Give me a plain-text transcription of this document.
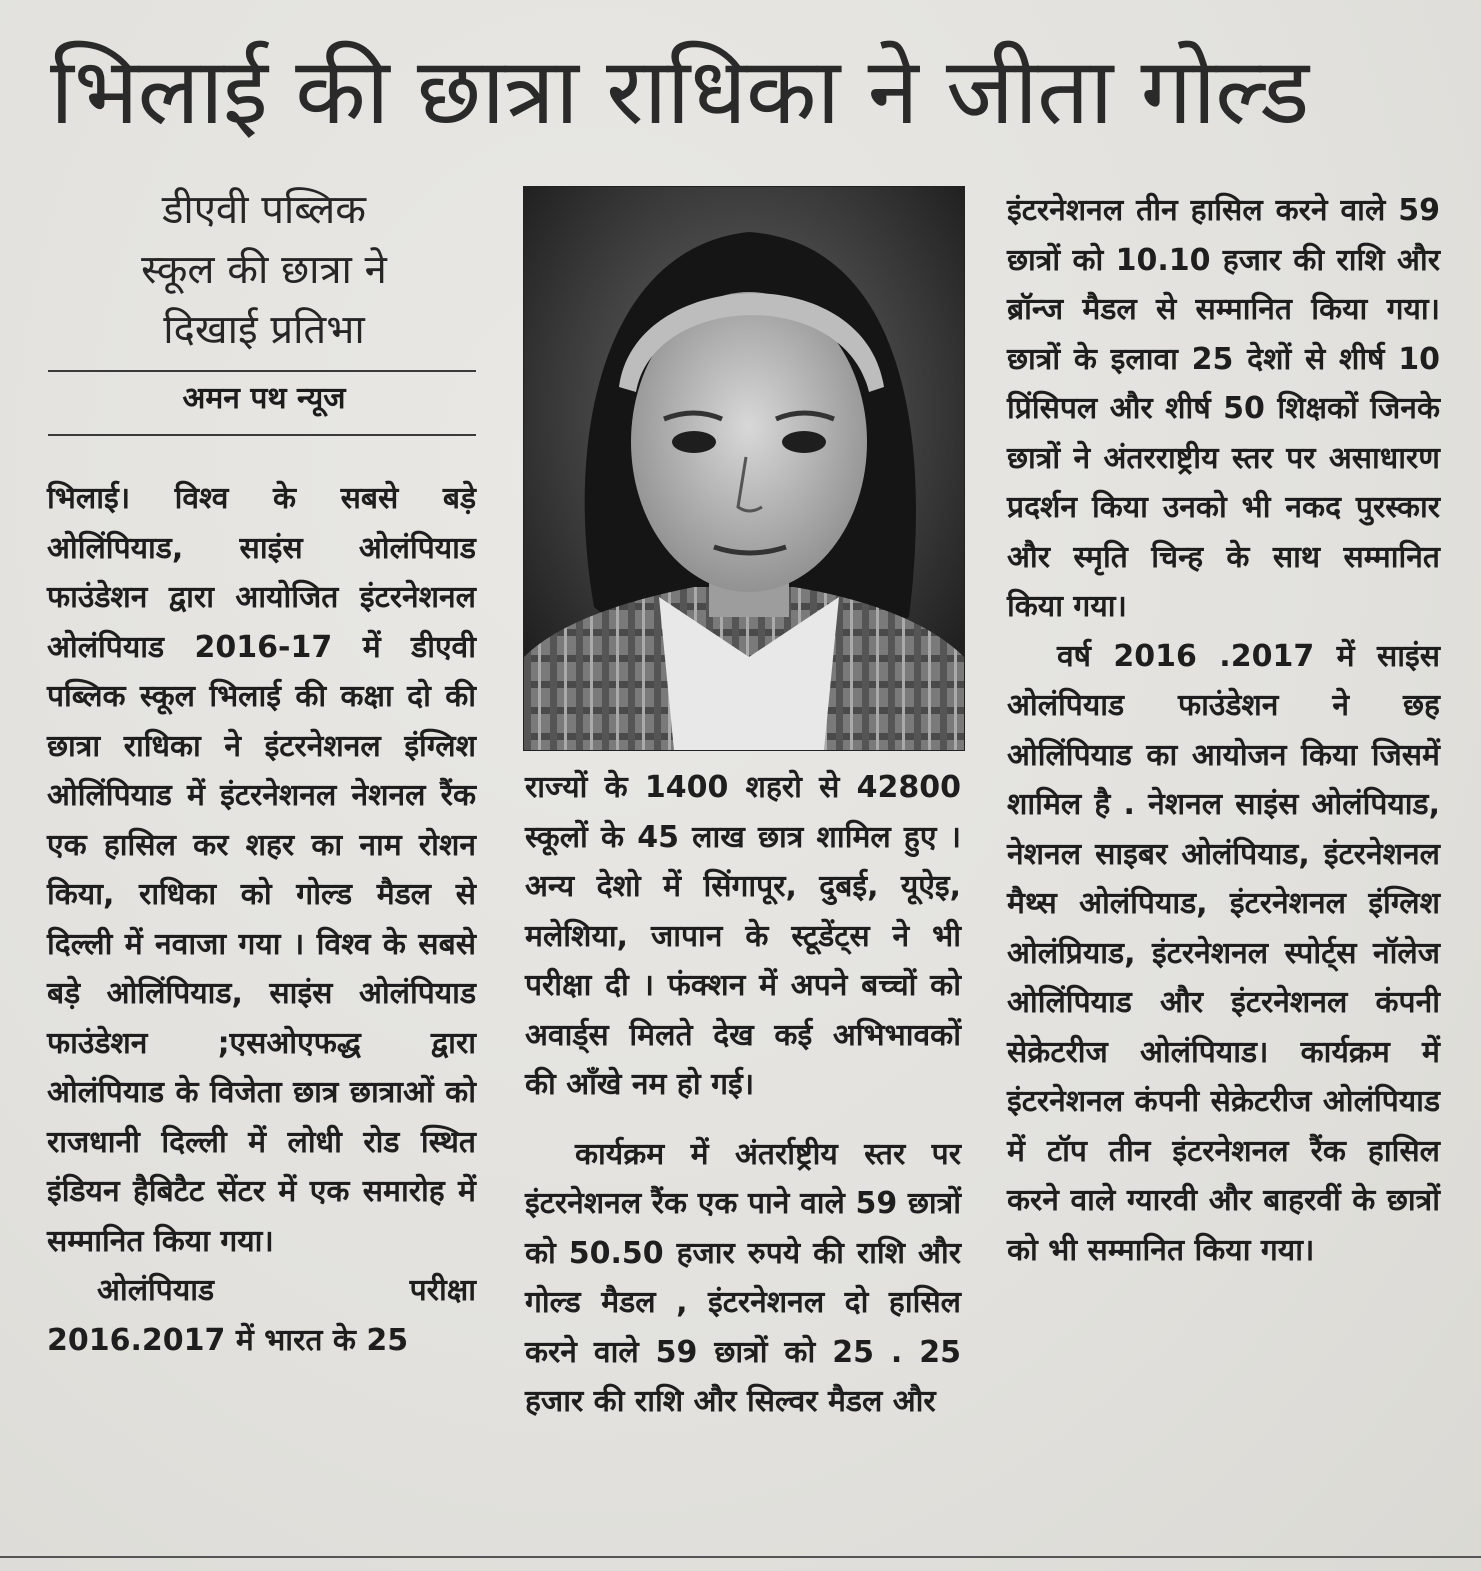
भिलाई की छात्रा राधिका ने जीता गोल्ड
डीएवी पब्लिक
स्कूल की छात्रा ने
दिखाई प्रतिभा
अमन पथ न्यूज

भिलाई। विश्व के सबसे बड़े ओलिंपियाड, साइंस ओलंपियाड फाउंडेशन द्वारा आयोजित इंटरनेशनल ओलंपियाड 2016-17 में डीएवी पब्लिक स्कूल भिलाई की कक्षा दो की छात्रा राधिका ने इंटरनेशनल इंग्लिश ओलिंपियाड में इंटरनेशनल नेशनल रैंक एक हासिल कर शहर का नाम रोशन किया, राधिका को गोल्ड मैडल से दिल्ली में नवाजा गया । विश्व के सबसे बड़े ओलिंपियाड, साइंस ओलंपियाड फाउंडेशन ;एसओएफद्ध द्वारा ओलंपियाड के विजेता छात्र छात्राओं को राजधानी दिल्ली में लोधी रोड स्थित इंडियन हैबिटैट सेंटर में एक समारोह में सम्मानित किया गया।

ओलंपियाड परीक्षा 2016.2017 में भारत के 25

राज्यों के 1400 शहरो से 42800 स्कूलों के 45 लाख छात्र शामिल हुए । अन्य देशो में सिंगापूर, दुबई, यूऐइ, मलेशिया, जापान के स्टूडेंट्स ने भी परीक्षा दी । फंक्शन में अपने बच्चों को अवार्ड्स मिलते देख कई अभिभावकों की आँखे नम हो गई।

कार्यक्रम में अंतर्राष्ट्रीय स्तर पर इंटरनेशनल रैंक एक पाने वाले 59 छात्रों को 50.50 हजार रुपये की राशि और गोल्ड मैडल , इंटरनेशनल दो हासिल करने वाले 59 छात्रों को 25 . 25 हजार की राशि और सिल्वर मैडल और

इंटरनेशनल तीन हासिल करने वाले 59 छात्रों को 10.10 हजार की राशि और ब्रॉन्ज मैडल से सम्मानित किया गया। छात्रों के इलावा 25 देशों से शीर्ष 10 प्रिंसिपल और शीर्ष 50 शिक्षकों जिनके छात्रों ने अंतरराष्ट्रीय स्तर पर असाधारण प्रदर्शन किया उनको भी नकद पुरस्कार और स्मृति चिन्ह के साथ सम्मानित किया गया।

वर्ष 2016 .2017 में साइंस ओलंपियाड फाउंडेशन ने छह ओलिंपियाड का आयोजन किया जिसमें शामिल है . नेशनल साइंस ओलंपियाड, नेशनल साइबर ओलंपियाड, इंटरनेशनल मैथ्स ओलंपियाड, इंटरनेशनल इंग्लिश ओलंप्रियाड, इंटरनेशनल स्पोर्ट्स नॉलेज ओलिंपियाड और इंटरनेशनल कंपनी सेक्रेटरीज ओलंपियाड। कार्यक्रम में इंटरनेशनल कंपनी सेक्रेटरीज ओलंपियाड में टॉप तीन इंटरनेशनल रैंक हासिल करने वाले ग्यारवी और बाहरवीं के छात्रों को भी सम्मानित किया गया।
